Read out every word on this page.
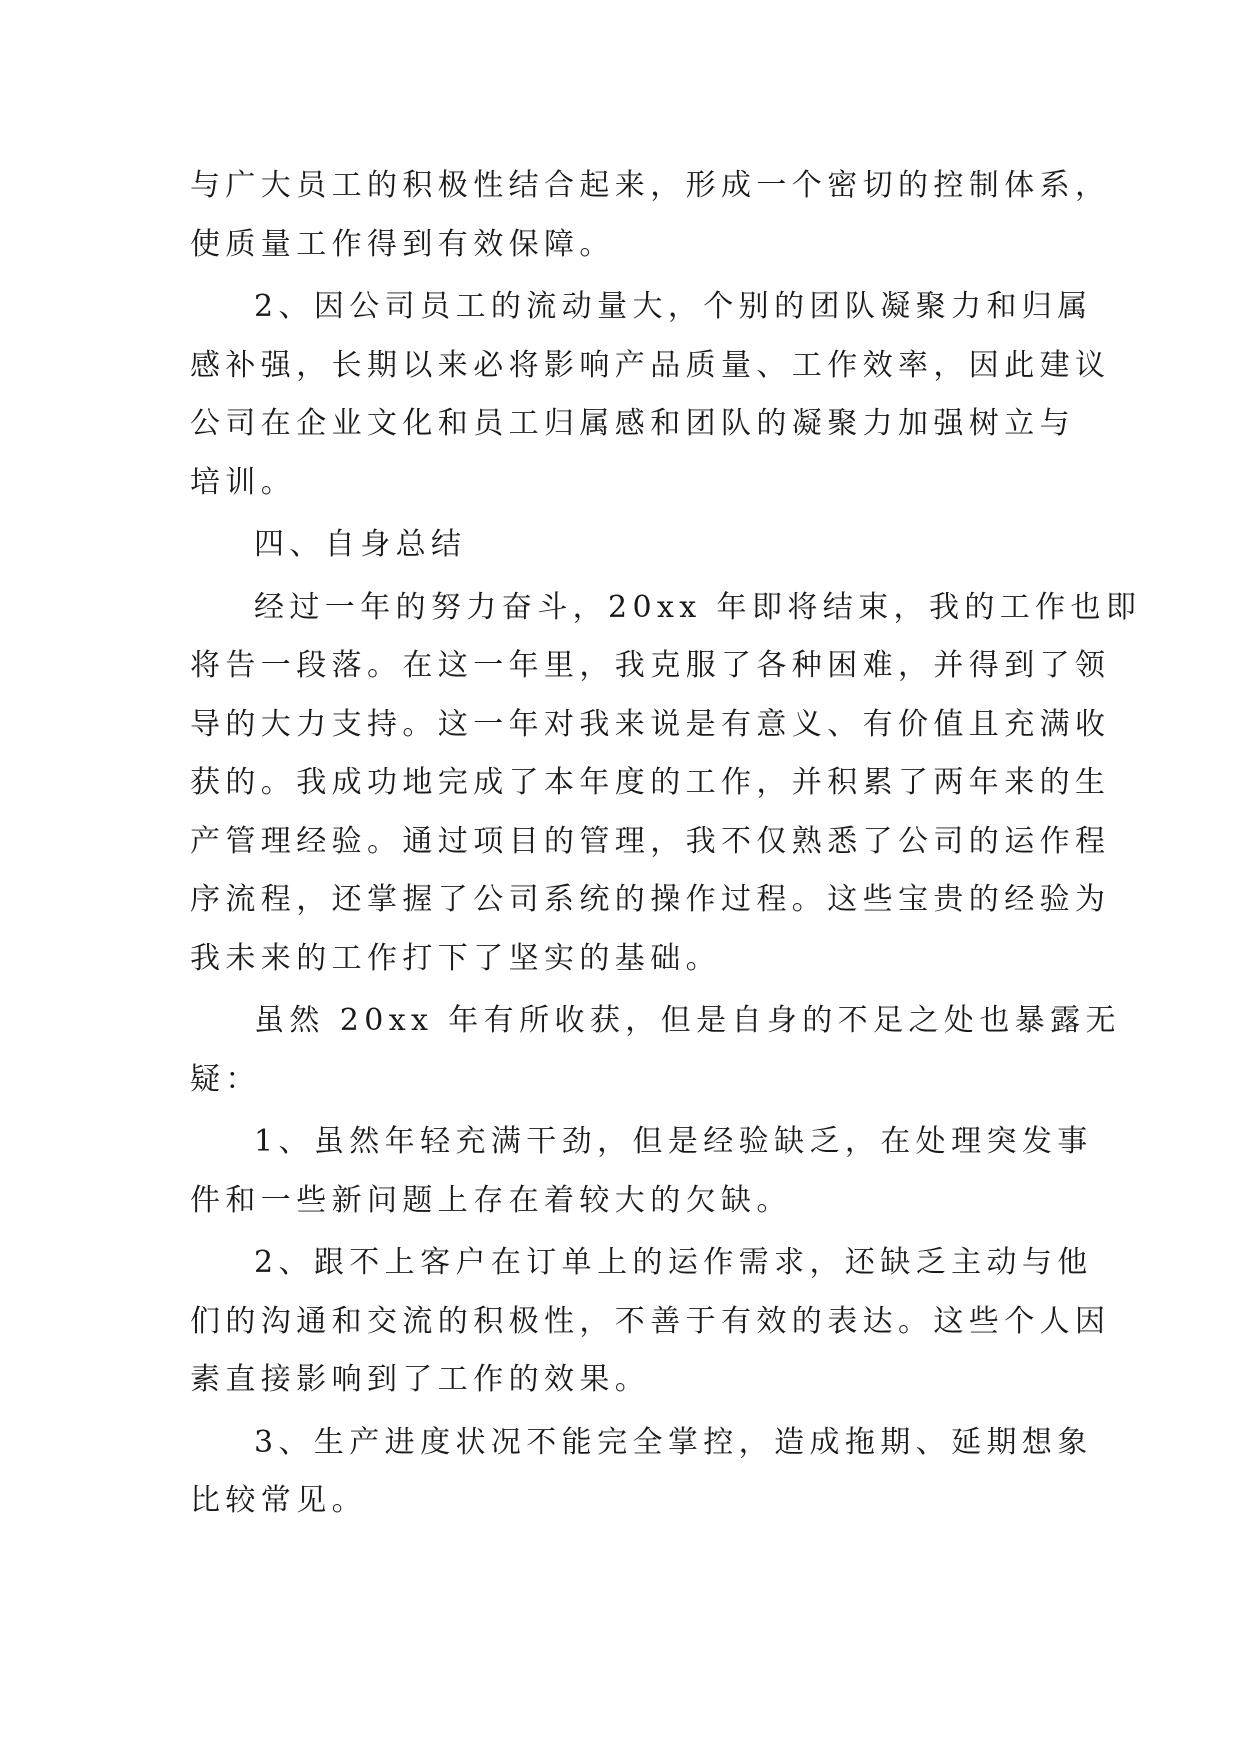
与广大员工的积极性结合起来，形成一个密切的控制体系，
使质量工作得到有效保障。

2、因公司员工的流动量大，个别的团队凝聚力和归属
感补强，长期以来必将影响产品质量、工作效率，因此建议
公司在企业文化和员工归属感和团队的凝聚力加强树立与
培训。

四、自身总结

经过一年的努力奋斗，20xx 年即将结束，我的工作也即
将告一段落。在这一年里，我克服了各种困难，并得到了领
导的大力支持。这一年对我来说是有意义、有价值且充满收
获的。我成功地完成了本年度的工作，并积累了两年来的生
产管理经验。通过项目的管理，我不仅熟悉了公司的运作程
序流程，还掌握了公司系统的操作过程。这些宝贵的经验为
我未来的工作打下了坚实的基础。

虽然 20xx 年有所收获，但是自身的不足之处也暴露无
疑：

1、虽然年轻充满干劲，但是经验缺乏，在处理突发事
件和一些新问题上存在着较大的欠缺。

2、跟不上客户在订单上的运作需求，还缺乏主动与他
们的沟通和交流的积极性，不善于有效的表达。这些个人因
素直接影响到了工作的效果。

3、生产进度状况不能完全掌控，造成拖期、延期想象
比较常见。
